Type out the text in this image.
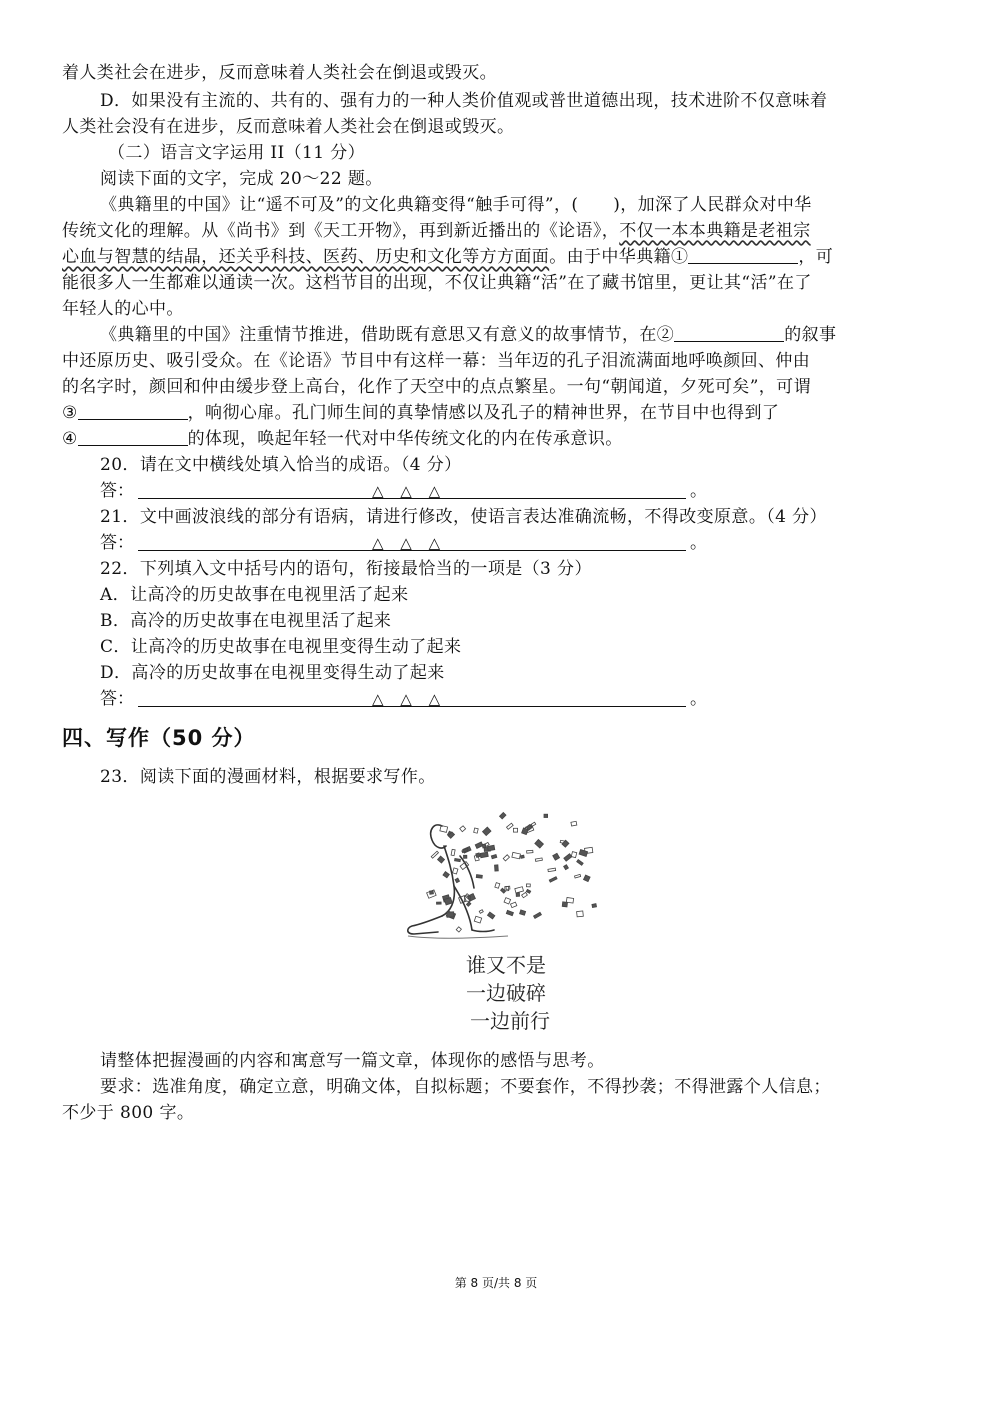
着人类社会在进步，反而意味着人类社会在倒退或毁灭。
D．如果没有主流的、共有的、强有力的一种人类价值观或普世道德出现，技术进阶不仅意味着
人类社会没有在进步，反而意味着人类社会在倒退或毁灭。
（二）语言文字运用 II（11 分）
阅读下面的文字，完成 20～22 题。
《典籍里的中国》让“遥不可及”的文化典籍变得“触手可得”，(　　)，加深了人民群众对中华
传统文化的理解。从《尚书》到《天工开物》，再到新近播出的《论语》，不仅一本本典籍是老祖宗
心血与智慧的结晶，还关乎科技、医药、历史和文化等方方面面。由于中华典籍①	，可
能很多人一生都难以通读一次。这档节目的出现，不仅让典籍“活”在了藏书馆里，更让其“活”在了
年轻人的心中。
《典籍里的中国》注重情节推进，借助既有意思又有意义的故事情节，在②	的叙事
中还原历史、吸引受众。在《论语》节目中有这样一幕：当年迈的孔子泪流满面地呼唤颜回、仲由
的名字时，颜回和仲由缓步登上高台，化作了天空中的点点繁星。一句“朝闻道，夕死可矣”，可谓
③	，响彻心扉。孔门师生间的真挚情感以及孔子的精神世界，在节目中也得到了
④	的体现，唤起年轻一代对中华传统文化的内在传承意识。
20．请在文中横线处填入恰当的成语。（4 分）
答：	△ △ △	。
21．文中画波浪线的部分有语病，请进行修改，使语言表达准确流畅，不得改变原意。（4 分）
答：	△ △ △	。
22．下列填入文中括号内的语句，衔接最恰当的一项是（3 分）
A．让高冷的历史故事在电视里活了起来
B．高冷的历史故事在电视里活了起来
C．让高冷的历史故事在电视里变得生动了起来
D．高冷的历史故事在电视里变得生动了起来
答：	△ △ △	。
四、写作（50 分）
23．阅读下面的漫画材料，根据要求写作。
谁又不是
一边破碎
一边前行
请整体把握漫画的内容和寓意写一篇文章，体现你的感悟与思考。
要求：选准角度，确定立意，明确文体，自拟标题；不要套作，不得抄袭；不得泄露个人信息；
不少于 800 字。
第 8 页/共 8 页
